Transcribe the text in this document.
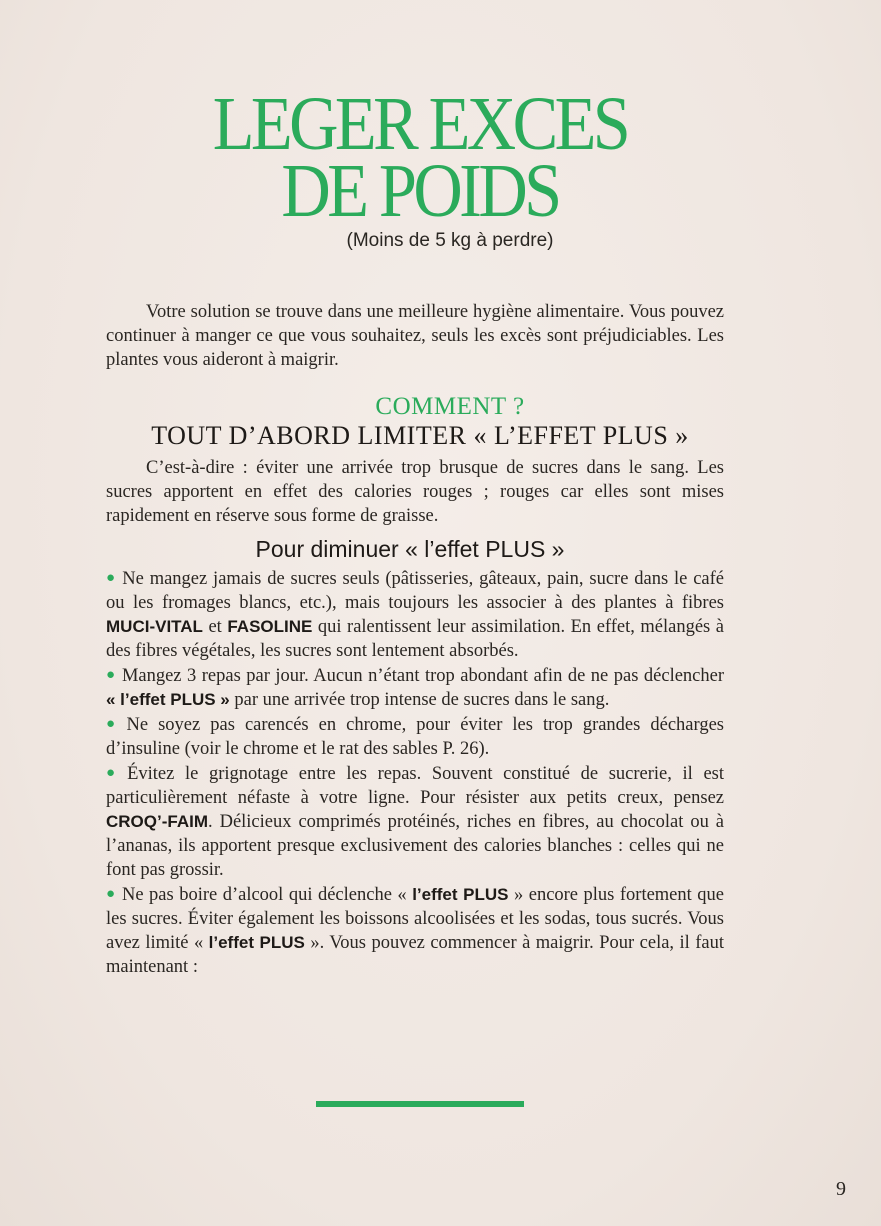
LEGER EXCES
DE POIDS
(Moins de 5 kg à perdre)

Votre solution se trouve dans une meilleure hygiène alimentaire. Vous pouvez continuer à manger ce que vous souhaitez, seuls les excès sont préjudiciables. Les plantes vous aideront à maigrir.

COMMENT ?
TOUT D’ABORD LIMITER « L’EFFET PLUS »

C’est-à-dire : éviter une arrivée trop brusque de sucres dans le sang. Les sucres apportent en effet des calories rouges ; rouges car elles sont mises rapidement en réserve sous forme de graisse.

Pour diminuer « l’effet PLUS »
● Ne mangez jamais de sucres seuls (pâtisseries, gâteaux, pain, sucre dans le café ou les fromages blancs, etc.), mais toujours les associer à des plantes à fibres MUCI-VITAL et FASOLINE qui ralentissent leur assimilation. En effet, mélangés à des fibres végétales, les sucres sont lentement absorbés.
● Mangez 3 repas par jour. Aucun n’étant trop abondant afin de ne pas déclencher « l’effet PLUS » par une arrivée trop intense de sucres dans le sang.
● Ne soyez pas carencés en chrome, pour éviter les trop grandes décharges d’insuline (voir le chrome et le rat des sables P. 26).
● Évitez le grignotage entre les repas. Souvent constitué de sucrerie, il est particulièrement néfaste à votre ligne. Pour résister aux petits creux, pensez CROQ’-FAIM. Délicieux comprimés protéinés, riches en fibres, au chocolat ou à l’ananas, ils apportent presque exclusivement des calories blanches : celles qui ne font pas grossir.
● Ne pas boire d’alcool qui déclenche « l’effet PLUS » encore plus fortement que les sucres. Éviter également les boissons alcoolisées et les sodas, tous sucrés. Vous avez limité « l’effet PLUS ». Vous pouvez commencer à maigrir. Pour cela, il faut maintenant :
9
